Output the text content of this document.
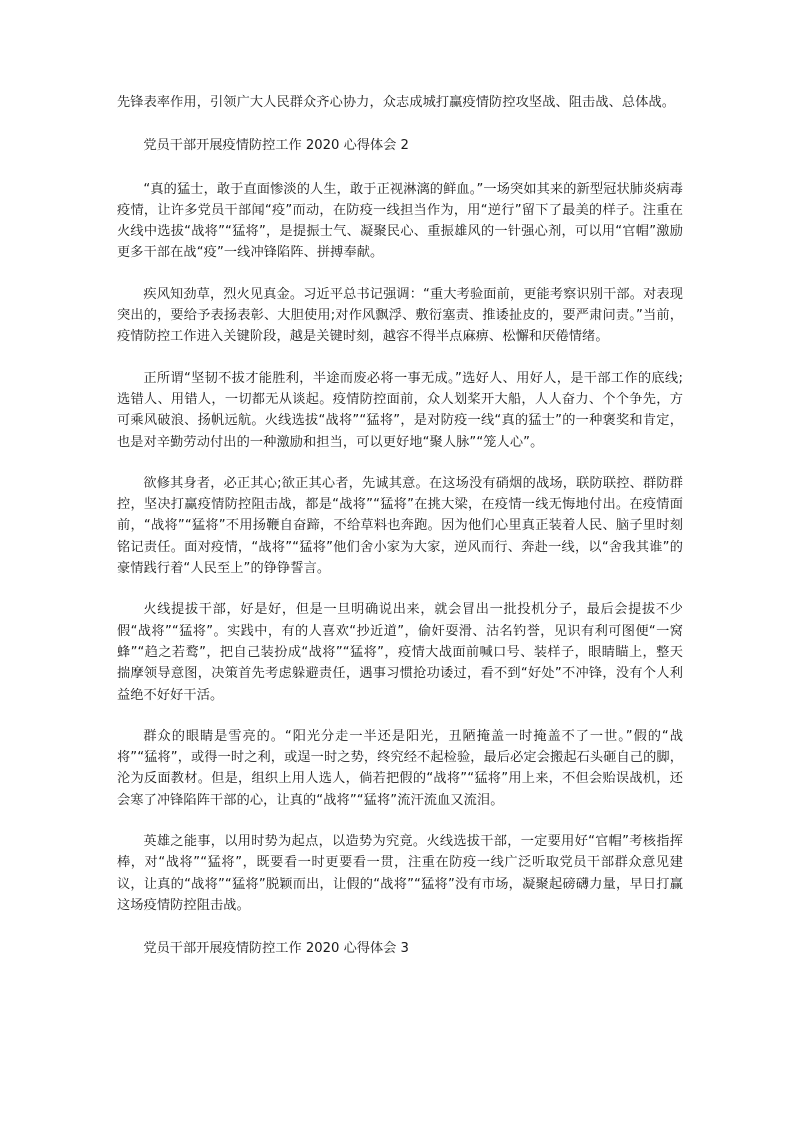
先锋表率作用，引领广大人民群众齐心协力，众志成城打赢疫情防控攻坚战、阻击战、总体战。

党员干部开展疫情防控工作 2020 心得体会 2

“真的猛士，敢于直面惨淡的人生，敢于正视淋漓的鲜血。”一场突如其来的新型冠状肺炎病毒疫情，让许多党员干部闻“疫”而动，在防疫一线担当作为，用“逆行”留下了最美的样子。注重在火线中选拔“战将”“猛将”，是提振士气、凝聚民心、重振雄风的一针强心剂，可以用“官帽”激励更多干部在战“疫”一线冲锋陷阵、拼搏奉献。

疾风知劲草，烈火见真金。习近平总书记强调：“重大考验面前，更能考察识别干部。对表现突出的，要给予表扬表彰、大胆使用;对作风飘浮、敷衍塞责、推诿扯皮的，要严肃问责。”当前，疫情防控工作进入关键阶段，越是关键时刻，越容不得半点麻痹、松懈和厌倦情绪。

正所谓“坚韧不拔才能胜利，半途而废必将一事无成。”选好人、用好人，是干部工作的底线;选错人、用错人，一切都无从谈起。疫情防控面前，众人划桨开大船，人人奋力、个个争先，方可乘风破浪、扬帆远航。火线选拔“战将”“猛将”，是对防疫一线“真的猛士”的一种褒奖和肯定，也是对辛勤劳动付出的一种激励和担当，可以更好地“聚人脉”“笼人心”。

欲修其身者，必正其心;欲正其心者，先诚其意。在这场没有硝烟的战场，联防联控、群防群控，坚决打赢疫情防控阻击战，都是“战将”“猛将”在挑大梁，在疫情一线无悔地付出。在疫情面前，“战将”“猛将”不用扬鞭自奋蹄，不给草料也奔跑。因为他们心里真正装着人民、脑子里时刻铭记责任。面对疫情，“战将”“猛将”他们舍小家为大家，逆风而行、奔赴一线，以“舍我其谁”的豪情践行着“人民至上”的铮铮誓言。

火线提拔干部，好是好，但是一旦明确说出来，就会冒出一批投机分子，最后会提拔不少假“战将”“猛将”。实践中，有的人喜欢“抄近道”，偷奸耍滑、沽名钓誉，见识有利可图便“一窝蜂”“趋之若鹜”，把自己装扮成“战将”“猛将”，疫情大战面前喊口号、装样子，眼睛瞄上，整天揣摩领导意图，决策首先考虑躲避责任，遇事习惯抢功诿过，看不到“好处”不冲锋，没有个人利益绝不好好干活。

群众的眼睛是雪亮的。“阳光分走一半还是阳光，丑陋掩盖一时掩盖不了一世。”假的“战将”“猛将”，或得一时之利，或逞一时之势，终究经不起检验，最后必定会搬起石头砸自己的脚，沦为反面教材。但是，组织上用人选人，倘若把假的“战将”“猛将”用上来，不但会贻误战机，还会寒了冲锋陷阵干部的心，让真的“战将”“猛将”流汗流血又流泪。

英雄之能事，以用时势为起点，以造势为究竟。火线选拔干部，一定要用好“官帽”考核指挥棒，对“战将”“猛将”，既要看一时更要看一贯，注重在防疫一线广泛听取党员干部群众意见建议，让真的“战将”“猛将”脱颖而出，让假的“战将”“猛将”没有市场，凝聚起磅礴力量，早日打赢这场疫情防控阻击战。

党员干部开展疫情防控工作 2020 心得体会 3
